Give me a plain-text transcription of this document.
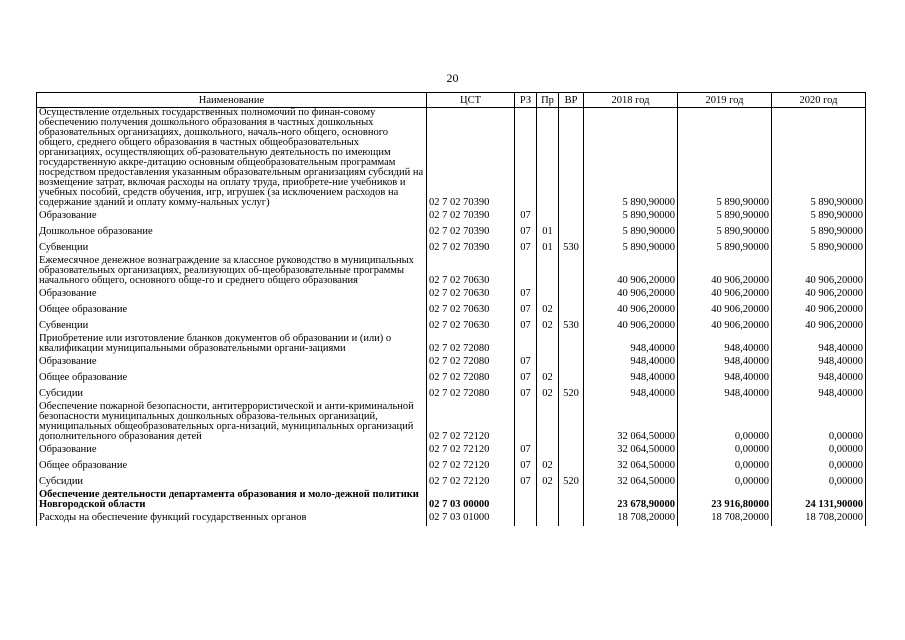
20
Наименование	ЦСТ	РЗ	Пр	ВР	2018 год	2019 год	2020 год
Осуществление отдельных государственных полномочий по финан-совому обеспечению получения дошкольного образования в частных дошкольных образовательных организациях, дошкольного, началь-ного общего, основного общего, среднего общего образования в частных общеобразовательных организациях, осуществляющих об-разовательную деятельность по имеющим государственную аккре-дитацию основным общеобразовательным программам посредством предоставления указанным образовательным организациям субсидий на возмещение затрат, включая расходы на оплату труда, приобрете-ние учебников и учебных пособий, средств обучения, игр, игрушек (за исключением расходов на содержание зданий и оплату комму-нальных услуг)	02 7 02 70390				5 890,90000	5 890,90000	5 890,90000
Образование	02 7 02 70390	07			5 890,90000	5 890,90000	5 890,90000
Дошкольное образование	02 7 02 70390	07	01		5 890,90000	5 890,90000	5 890,90000
Субвенции	02 7 02 70390	07	01	530	5 890,90000	5 890,90000	5 890,90000
Ежемесячное денежное вознаграждение за классное руководство в муниципальных образовательных организациях, реализующих об-щеобразовательные программы начального общего, основного обще-го и среднего общего образования	02 7 02 70630				40 906,20000	40 906,20000	40 906,20000
Образование	02 7 02 70630	07			40 906,20000	40 906,20000	40 906,20000
Общее образование	02 7 02 70630	07	02		40 906,20000	40 906,20000	40 906,20000
Субвенции	02 7 02 70630	07	02	530	40 906,20000	40 906,20000	40 906,20000
Приобретение или изготовление бланков документов об образовании и (или) о квалификации муниципальными образовательными органи-зациями	02 7 02 72080				948,40000	948,40000	948,40000
Образование	02 7 02 72080	07			948,40000	948,40000	948,40000
Общее образование	02 7 02 72080	07	02		948,40000	948,40000	948,40000
Субсидии	02 7 02 72080	07	02	520	948,40000	948,40000	948,40000
Обеспечение пожарной безопасности, антитеррористической и анти-криминальной безопасности муниципальных дошкольных образова-тельных организаций, муниципальных общеобразовательных орга-низаций, муниципальных организаций дополнительного образования детей	02 7 02 72120				32 064,50000	0,00000	0,00000
Образование	02 7 02 72120	07			32 064,50000	0,00000	0,00000
Общее образование	02 7 02 72120	07	02		32 064,50000	0,00000	0,00000
Субсидии	02 7 02 72120	07	02	520	32 064,50000	0,00000	0,00000
Обеспечение деятельности департамента образования и моло-дежной политики Новгородской области	02 7 03 00000				23 678,90000	23 916,80000	24 131,90000
Расходы на обеспечение функций государственных органов	02 7 03 01000				18 708,20000	18 708,20000	18 708,20000
